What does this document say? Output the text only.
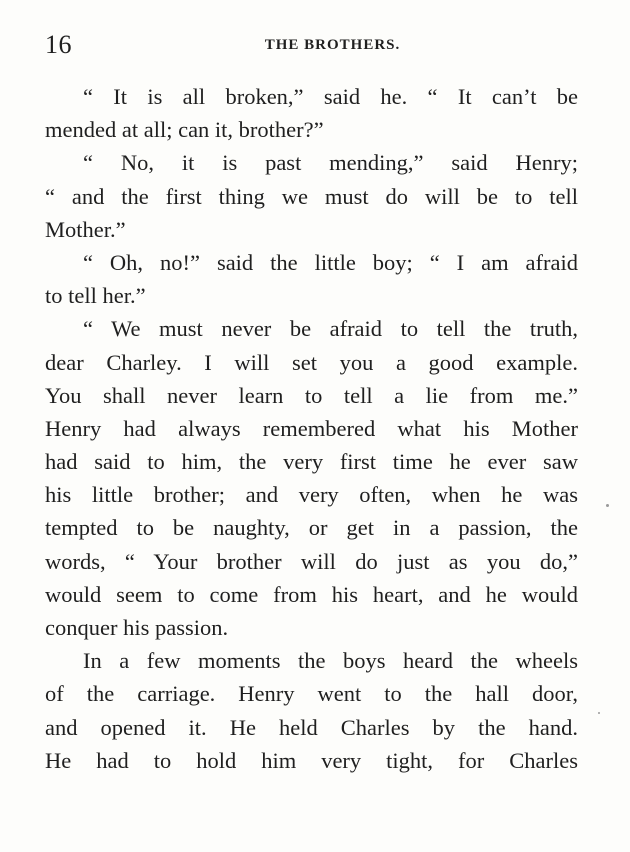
16	THE BROTHERS.
“ It is all broken,” said he. “ It can’t be
mended at all; can it, brother?”
“ No, it is past mending,” said Henry;
“ and the first thing we must do will be to tell
Mother.”
“ Oh, no!” said the little boy; “ I am afraid
to tell her.”
“ We must never be afraid to tell the truth,
dear Charley. I will set you a good example.
You shall never learn to tell a lie from me.”
Henry had always remembered what his Mother
had said to him, the very first time he ever saw
his little brother; and very often, when he was
tempted to be naughty, or get in a passion, the
words, “ Your brother will do just as you do,”
would seem to come from his heart, and he would
conquer his passion.
In a few moments the boys heard the wheels
of the carriage. Henry went to the hall door,
and opened it. He held Charles by the hand.
He had to hold him very tight, for Charles
